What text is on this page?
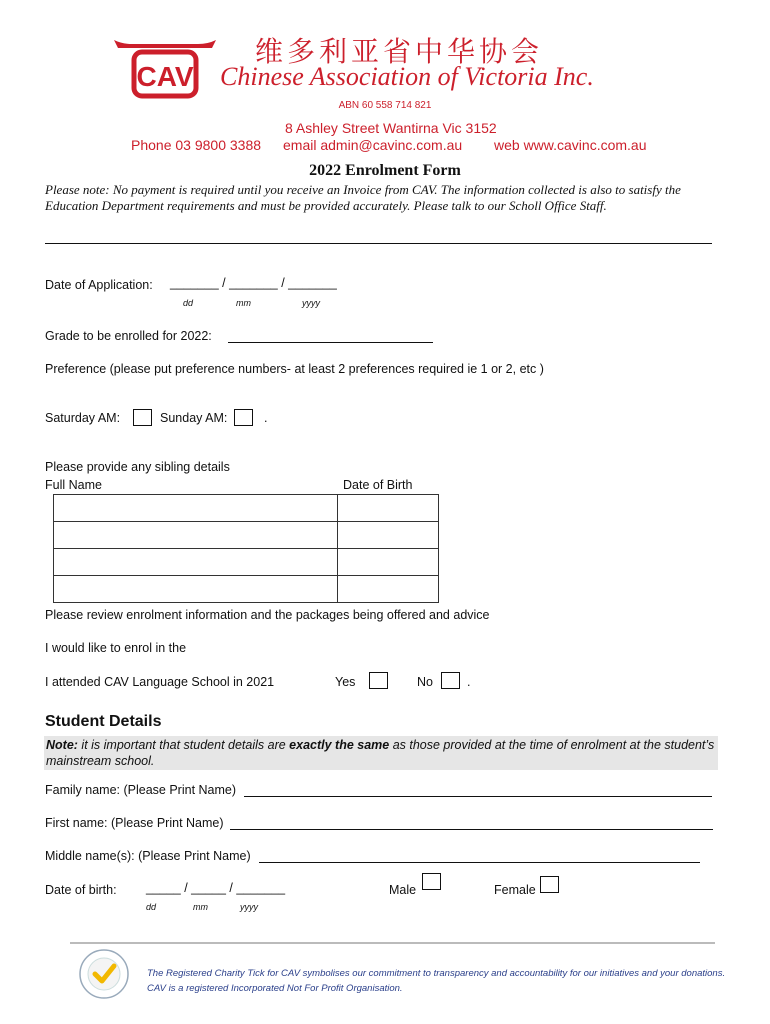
CAV
维多利亚省中华协会
Chinese Association of Victoria Inc.
ABN 60 558 714 821
8 Ashley Street Wantirna Vic 3152
Phone 03 9800 3388 email admin@cavinc.com.au web www.cavinc.com.au
2022 Enrolment Form
Please note: No payment is required until you receive an Invoice from CAV. The information collected is also to satisfy the Education Department requirements and must be provided accurately. Please talk to our Scholl Office Staff.
Date of Application: _______ / _______ / _______
dd	mm	yyyy
Grade to be enrolled for 2022:
Preference (please put preference numbers- at least 2 preferences required ie 1 or 2, etc )
Saturday AM:	Sunday AM:	.
Please provide any sibling details
Full Name	Date of Birth

Please review enrolment information and the packages being offered and advice
I would like to enrol in the
I attended CAV Language School in 2021	Yes	No	.
Student Details
Note: it is important that student details are exactly the same as those provided at the time of enrolment at the student’s mainstream school.
Family name: (Please Print Name)
First name: (Please Print Name)
Middle name(s): (Please Print Name)
Date of birth: _____ / _____ / _______
dd	mm	yyyy
Male	Female
The Registered Charity Tick for CAV symbolises our commitment to transparency and accountability for our initiatives and your donations. CAV is a registered Incorporated Not For Profit Organisation.
